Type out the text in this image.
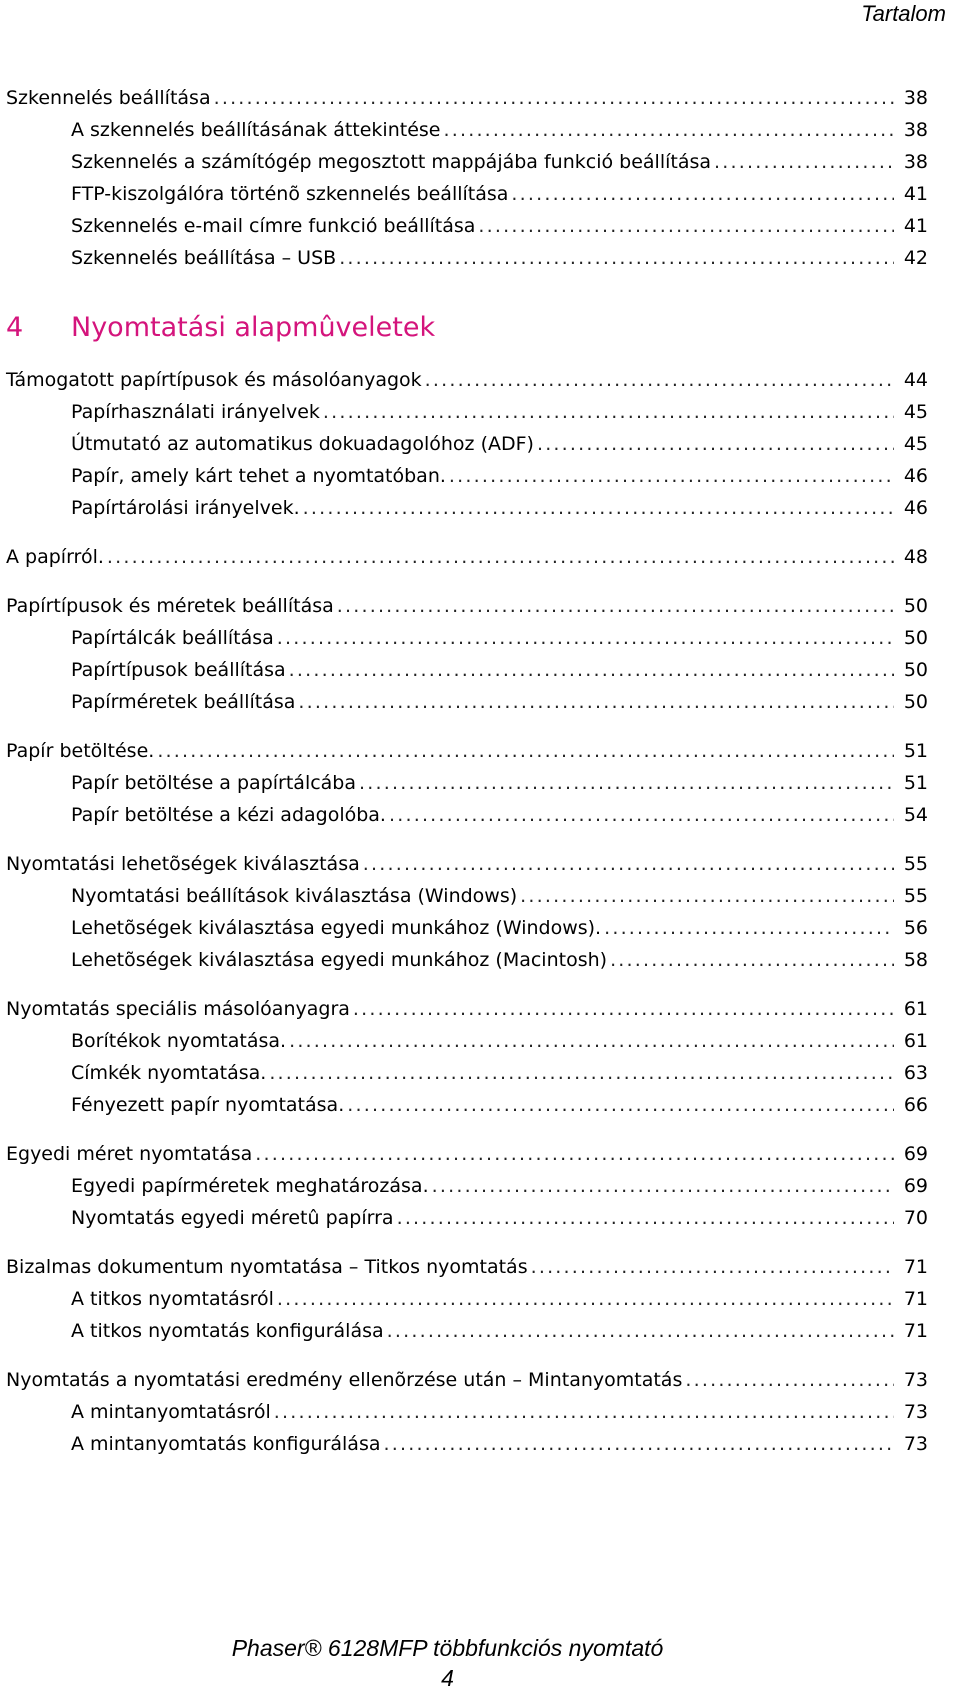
Tartalom
Szkennelés beállítása .....	38
A szkennelés beállításának áttekintése .....	38
Szkennelés a számítógép megosztott mappájába funkció beállítása .....	38
FTP-kiszolgálóra történõ szkennelés beállítása .....	41
Szkennelés e-mail címre funkció beállítása .....	41
Szkennelés beállítása – USB .....	42
4	Nyomtatási alapmûveletek
Támogatott papírtípusok és másolóanyagok .....	44
Papírhasználati irányelvek .....	45
Útmutató az automatikus dokuadagolóhoz (ADF) .....	45
Papír, amely kárt tehet a nyomtatóban. .....	46
Papírtárolási irányelvek. .....	46
A papírról. .....	48
Papírtípusok és méretek beállítása .....	50
Papírtálcák beállítása .....	50
Papírtípusok beállítása .....	50
Papírméretek beállítása .....	50
Papír betöltése. .....	51
Papír betöltése a papírtálcába .....	51
Papír betöltése a kézi adagolóba. .....	54
Nyomtatási lehetõségek kiválasztása .....	55
Nyomtatási beállítások kiválasztása (Windows) .....	55
Lehetõségek kiválasztása egyedi munkához (Windows). .....	56
Lehetõségek kiválasztása egyedi munkához (Macintosh) .....	58
Nyomtatás speciális másolóanyagra .....	61
Borítékok nyomtatása. .....	61
Címkék nyomtatása. .....	63
Fényezett papír nyomtatása. .....	66
Egyedi méret nyomtatása .....	69
Egyedi papírméretek meghatározása. .....	69
Nyomtatás egyedi méretû papírra .....	70
Bizalmas dokumentum nyomtatása – Titkos nyomtatás .....	71
A titkos nyomtatásról .....	71
A titkos nyomtatás konfigurálása .....	71
Nyomtatás a nyomtatási eredmény ellenõrzése után – Mintanyomtatás .....	73
A mintanyomtatásról .....	73
A mintanyomtatás konfigurálása .....	73
Phaser® 6128MFP többfunkciós nyomtató
4
